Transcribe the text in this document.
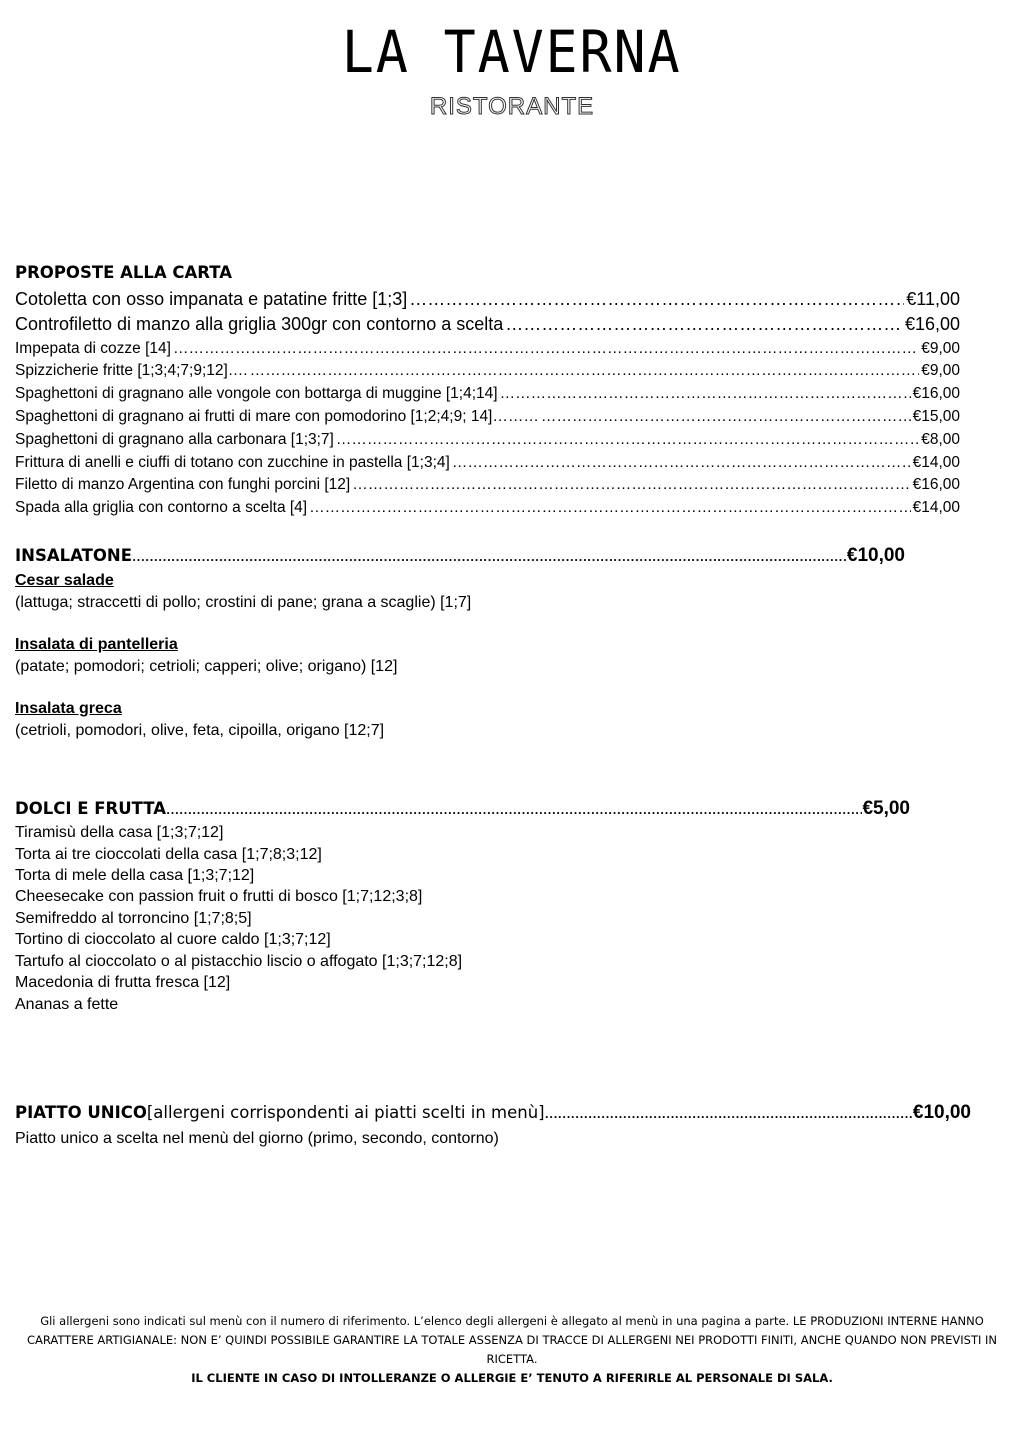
LA TAVERNA
RISTORANTE
PROPOSTE ALLA CARTA
Cotoletta con osso impanata e patatine fritte [1;3] ………………………………………………………………………………………………………………………………………………………………………………………………………………	€11,00
Controfiletto di manzo alla griglia 300gr con contorno a scelta ………………………………………………………………………………………………………………………………………………………………………………………………………………	€16,00
Impepata di cozze [14] ………………………………………………………………………………………………………………………………………………………………………………………………………………	€9,00
Spizzicherie fritte [1;3;4;7;9;12]…. ………………………………………………………………………………………………………………………………………………………………………………………………………………	€9,00
Spaghettoni di gragnano alle vongole con bottarga di muggine [1;4;14] ………………………………………………………………………………………………………………………………………………………………………………………………………………	€16,00
Spaghettoni di gragnano ai frutti di mare con pomodorino [1;2;4;9; 14]……… ………………………………………………………………………………………………………………………………………………………………………………………………………………	€15,00
Spaghettoni di gragnano alla carbonara [1;3;7] ………………………………………………………………………………………………………………………………………………………………………………………………………………	€8,00
Frittura di anelli e ciuffi di totano con zucchine in pastella [1;3;4] ………………………………………………………………………………………………………………………………………………………………………………………………………………	€14,00
Filetto di manzo Argentina con funghi porcini [12] ………………………………………………………………………………………………………………………………………………………………………………………………………………	€16,00
Spada alla griglia con contorno a scelta [4] ………………………………………………………………………………………………………………………………………………………………………………………………………………	€14,00
INSALATONE …………………………………………………………………………………………………………………………………………………………………………………………	€10,00
Cesar salade
(lattuga; straccetti di pollo; crostini di pane; grana a scaglie) [1;7]
Insalata di pantelleria
(patate; pomodori; cetrioli; capperi; olive; origano) [12]
Insalata greca
(cetrioli, pomodori, olive, feta, cipoilla, origano [12;7]
DOLCI E FRUTTA …………………………………………………………………………………………………………………………………………………………………………………………	€5,00
Tiramisù della casa [1;3;7;12]
Torta ai tre cioccolati della casa [1;7;8;3;12]
Torta di mele della casa [1;3;7;12]
Cheesecake con passion fruit o frutti di bosco [1;7;12;3;8]
Semifreddo al torroncino [1;7;8;5]
Tortino di cioccolato al cuore caldo [1;3;7;12]
Tartufo al cioccolato o al pistacchio liscio o affogato [1;3;7;12;8]
Macedonia di frutta fresca [12]
Ananas a fette
PIATTO UNICO [allergeni corrispondenti ai piatti scelti in menù] …………………………………………………………………………………………………………………………………………………………………………………………	€10,00
Piatto unico a scelta nel menù del giorno (primo, secondo, contorno)
Gli allergeni sono indicati sul menù con il numero di riferimento. L’elenco degli allergeni è allegato al menù in una pagina a parte. LE PRODUZIONI INTERNE HANNO CARATTERE ARTIGIANALE: NON E’ QUINDI POSSIBILE GARANTIRE LA TOTALE ASSENZA DI TRACCE DI ALLERGENI NEI PRODOTTI FINITI, ANCHE QUANDO NON PREVISTI IN RICETTA.
IL CLIENTE IN CASO DI INTOLLERANZE O ALLERGIE E’ TENUTO A RIFERIRLE AL PERSONALE DI SALA.
